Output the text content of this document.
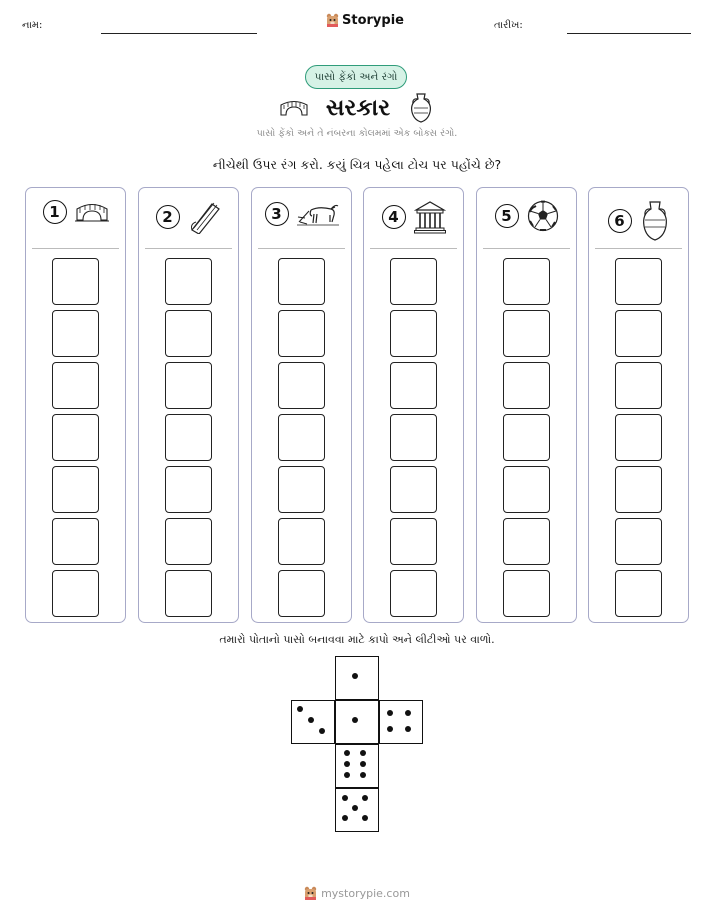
નામ:	Storypie	તારીખ:
પાસો ફેંકો અને રંગો
સરકાર
પાસો ફેંકો અને તે નંબરના કોલમમાં એક બોક્સ રંગો.
નીચેથી ઉપર રંગ કરો. કયું ચિત્ર પહેલા ટોચ પર પહોંચે છે?
1	2	3	4	5	6
તમારો પોતાનો પાસો બનાવવા માટે કાપો અને લીટીઓ પર વાળો.
mystorypie.com
